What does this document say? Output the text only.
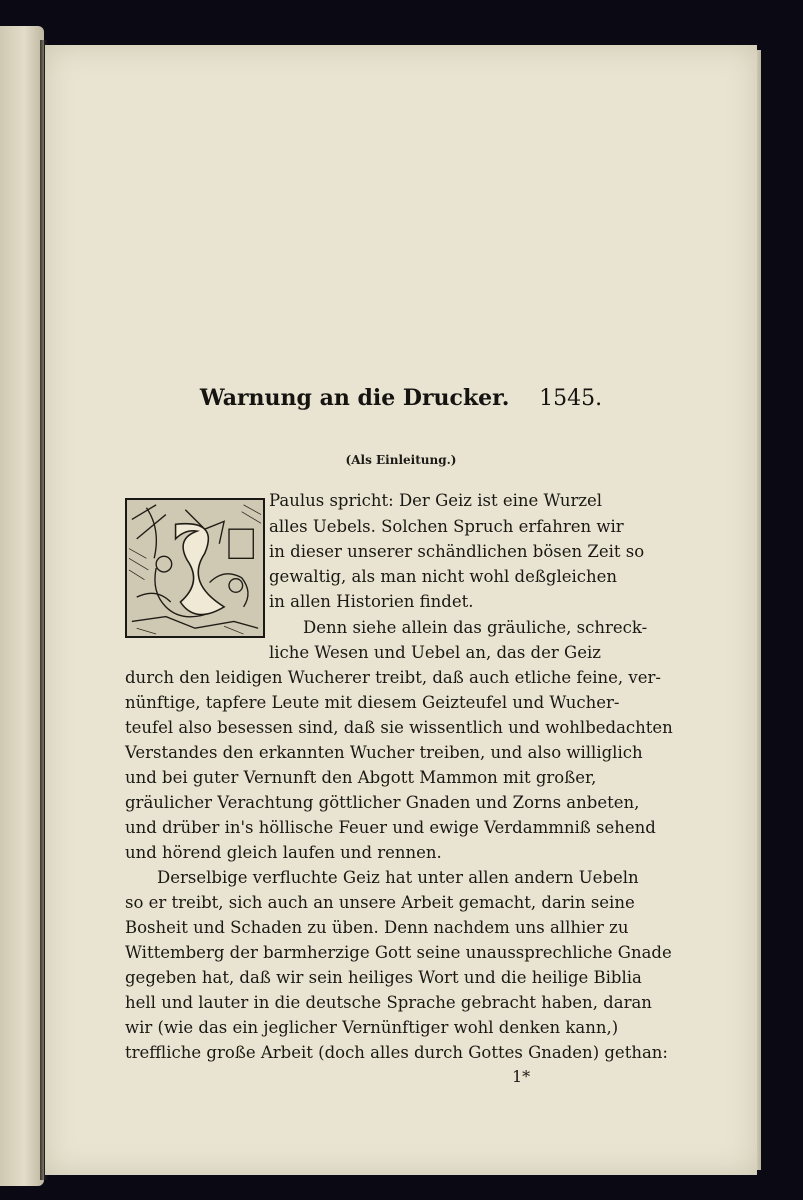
Warnung an die Drucker. 1545.
(Als Einleitung.)
Paulus spricht: Der Geiz ist eine Wurzel
alles Uebels. Solchen Spruch erfahren wir
in dieser unserer schändlichen bösen Zeit so
gewaltig, als man nicht wohl deßgleichen
in allen Historien findet.
Denn siehe allein das gräuliche, schreck-
liche Wesen und Uebel an, das der Geiz
durch den leidigen Wucherer treibt, daß auch etliche feine, ver-
nünftige, tapfere Leute mit diesem Geizteufel und Wucher-
teufel also besessen sind, daß sie wissentlich und wohlbedachten
Verstandes den erkannten Wucher treiben, und also williglich
und bei guter Vernunft den Abgott Mammon mit großer,
gräulicher Verachtung göttlicher Gnaden und Zorns anbeten,
und drüber in's höllische Feuer und ewige Verdammniß sehend
und hörend gleich laufen und rennen.
Derselbige verfluchte Geiz hat unter allen andern Uebeln
so er treibt, sich auch an unsere Arbeit gemacht, darin seine
Bosheit und Schaden zu üben. Denn nachdem uns allhier zu
Wittemberg der barmherzige Gott seine unaussprechliche Gnade
gegeben hat, daß wir sein heiliges Wort und die heilige Biblia
hell und lauter in die deutsche Sprache gebracht haben, daran
wir (wie das ein jeglicher Vernünftiger wohl denken kann,)
treffliche große Arbeit (doch alles durch Gottes Gnaden) gethan:
1*
